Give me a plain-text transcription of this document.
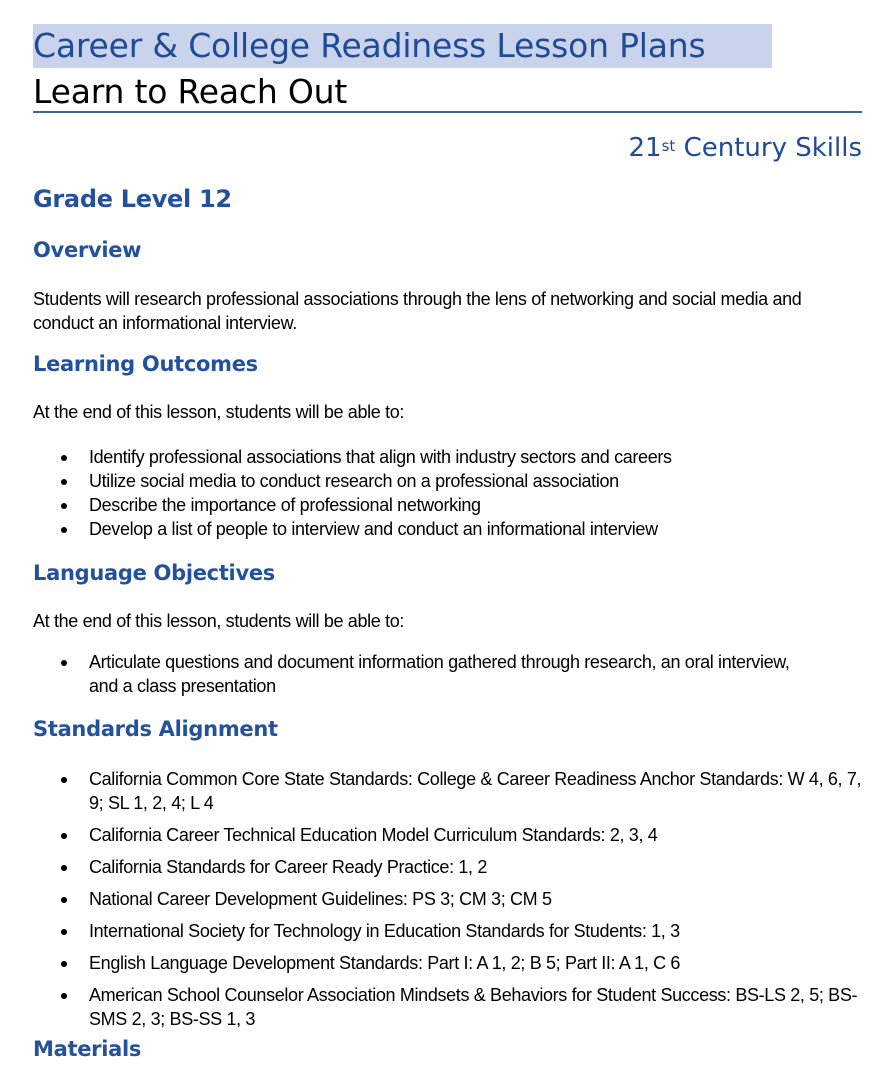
Career & College Readiness Lesson Plans
Learn to Reach Out
21st Century Skills
Grade Level 12
Overview

Students will research professional associations through the lens of networking and social media and conduct an informational interview.

Learning Outcomes

At the end of this lesson, students will be able to:

Identify professional associations that align with industry sectors and careers
Utilize social media to conduct research on a professional association
Describe the importance of professional networking
Develop a list of people to interview and conduct an informational interview
Language Objectives

At the end of this lesson, students will be able to:

Articulate questions and document information gathered through research, an oral interview, and a class presentation
Standards Alignment
California Common Core State Standards: College & Career Readiness Anchor Standards: W 4, 6, 7, 9; SL 1, 2, 4; L 4
California Career Technical Education Model Curriculum Standards: 2, 3, 4
California Standards for Career Ready Practice: 1, 2
National Career Development Guidelines: PS 3; CM 3; CM 5
International Society for Technology in Education Standards for Students: 1, 3
English Language Development Standards: Part I: A 1, 2; B 5; Part II: A 1, C 6
American School Counselor Association Mindsets & Behaviors for Student Success: BS-LS 2, 5; BS-SMS 2, 3; BS-SS 1, 3
Materials
